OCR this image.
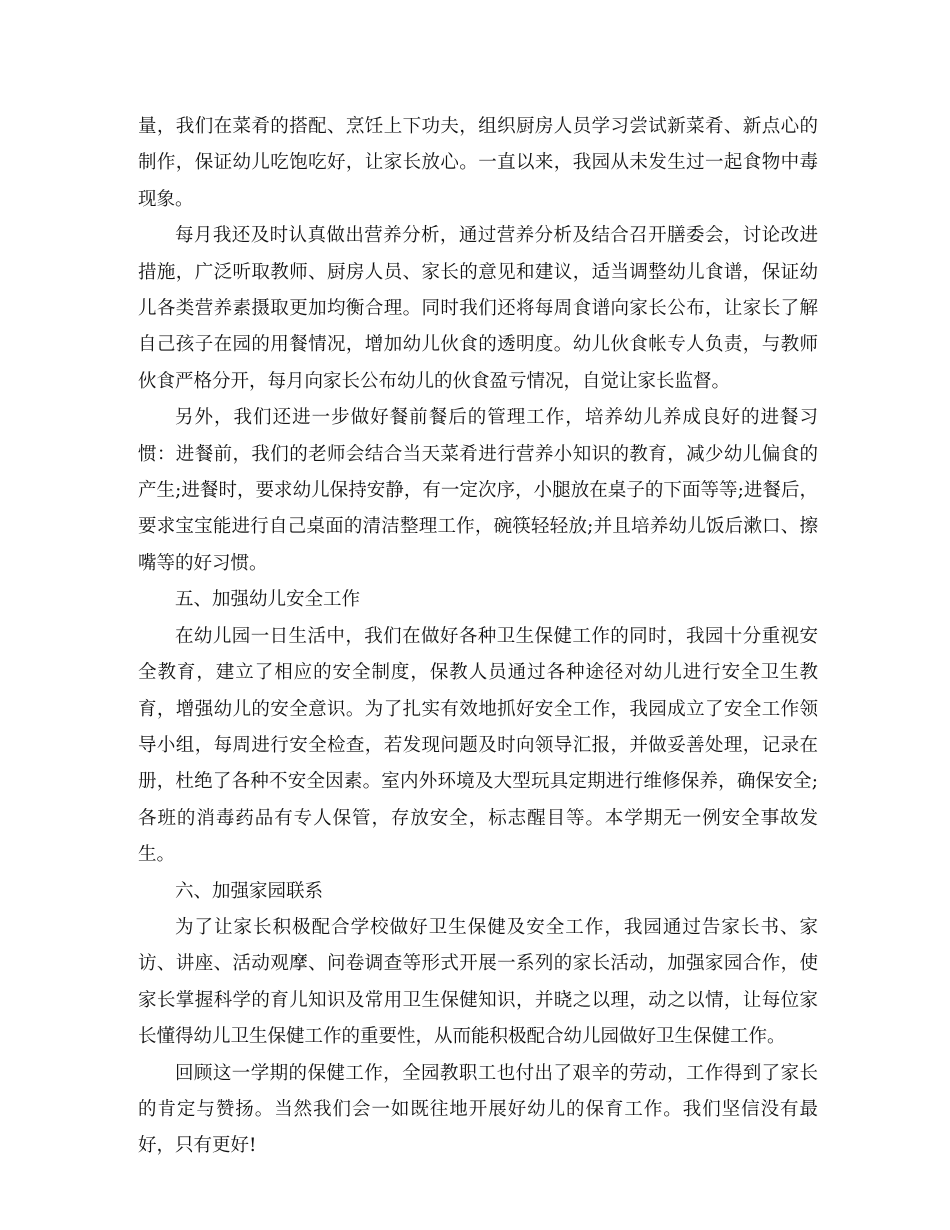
量，我们在菜肴的搭配、烹饪上下功夫，组织厨房人员学习尝试新菜肴、新点心的制作，保证幼儿吃饱吃好，让家长放心。一直以来，我园从未发生过一起食物中毒现象。

每月我还及时认真做出营养分析，通过营养分析及结合召开膳委会，讨论改进措施，广泛听取教师、厨房人员、家长的意见和建议，适当调整幼儿食谱，保证幼儿各类营养素摄取更加均衡合理。同时我们还将每周食谱向家长公布，让家长了解自己孩子在园的用餐情况，增加幼儿伙食的透明度。幼儿伙食帐专人负责，与教师伙食严格分开，每月向家长公布幼儿的伙食盈亏情况，自觉让家长监督。

另外，我们还进一步做好餐前餐后的管理工作，培养幼儿养成良好的进餐习惯：进餐前，我们的老师会结合当天菜肴进行营养小知识的教育，减少幼儿偏食的产生;进餐时，要求幼儿保持安静，有一定次序，小腿放在桌子的下面等等;进餐后，要求宝宝能进行自己桌面的清洁整理工作，碗筷轻轻放;并且培养幼儿饭后漱口、擦嘴等的好习惯。

五、加强幼儿安全工作

在幼儿园一日生活中，我们在做好各种卫生保健工作的同时，我园十分重视安全教育，建立了相应的安全制度，保教人员通过各种途径对幼儿进行安全卫生教育，增强幼儿的安全意识。为了扎实有效地抓好安全工作，我园成立了安全工作领导小组，每周进行安全检查，若发现问题及时向领导汇报，并做妥善处理，记录在册，杜绝了各种不安全因素。室内外环境及大型玩具定期进行维修保养，确保安全;各班的消毒药品有专人保管，存放安全，标志醒目等。本学期无一例安全事故发生。

六、加强家园联系

为了让家长积极配合学校做好卫生保健及安全工作，我园通过告家长书、家访、讲座、活动观摩、问卷调查等形式开展一系列的家长活动，加强家园合作，使家长掌握科学的育儿知识及常用卫生保健知识，并晓之以理，动之以情，让每位家长懂得幼儿卫生保健工作的重要性，从而能积极配合幼儿园做好卫生保健工作。

回顾这一学期的保健工作，全园教职工也付出了艰辛的劳动，工作得到了家长的肯定与赞扬。当然我们会一如既往地开展好幼儿的保育工作。我们坚信没有最好，只有更好!
